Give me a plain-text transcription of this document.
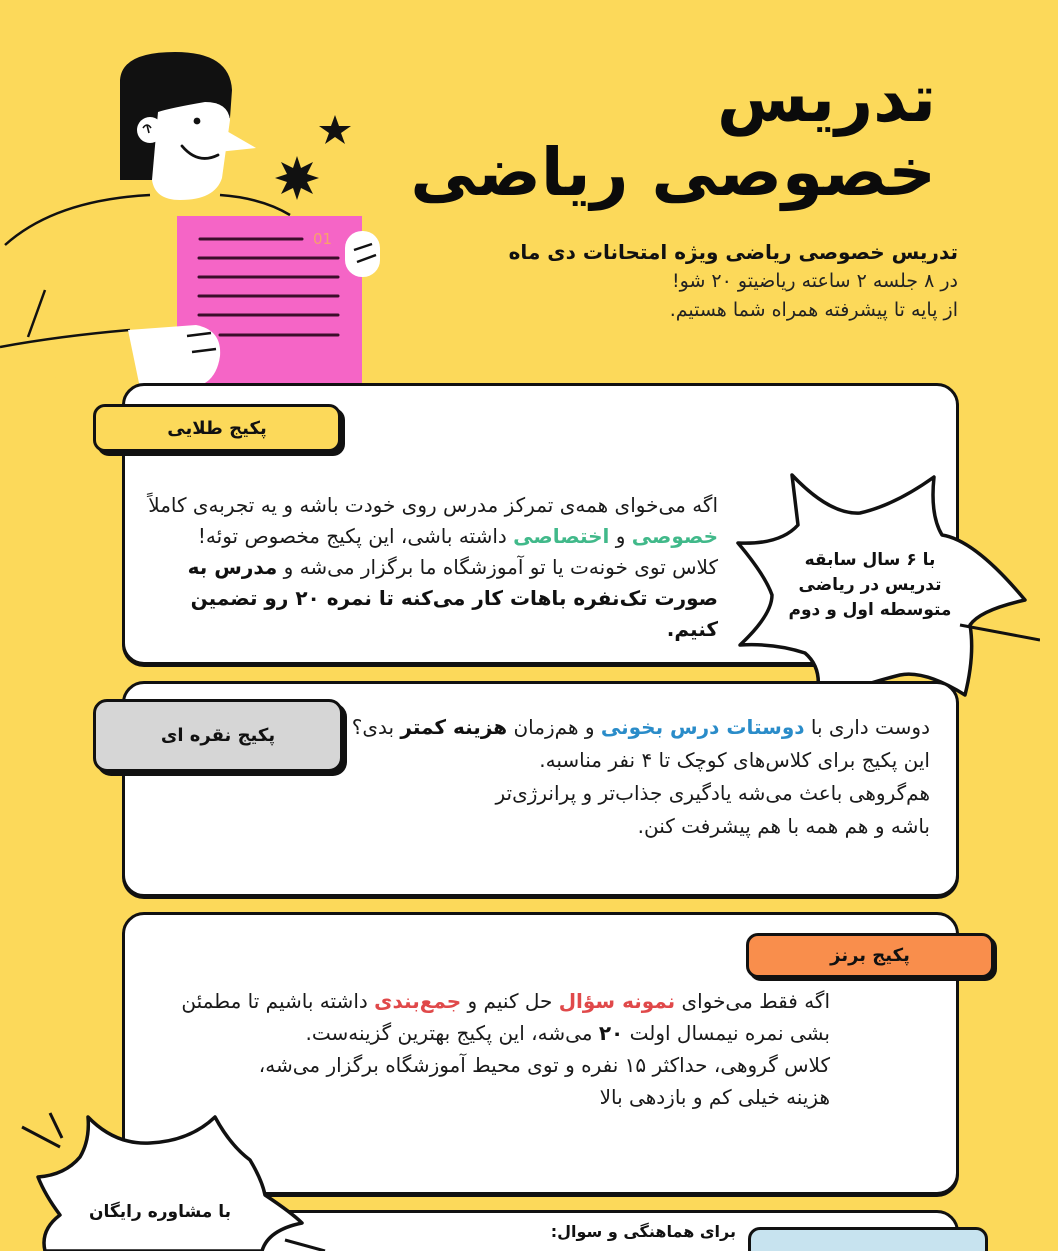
01
تدریس
خصوصی ریاضی
تدریس خصوصی ریاضی ویژه امتحانات دی ماه
در ۸ جلسه ۲ ساعته ریاضیتو ۲۰ شو!
از پایه تا پیشرفته همراه شما هستیم.
پکیج طلایی
اگه می‌خوای همه‌ی تمرکز مدرس روی خودت باشه و یه تجربه‌ی کاملاً خصوصی و اختصاصی داشته باشی، این پکیج مخصوص توئه! کلاس توی خونه‌ت یا تو آموزشگاه ما برگزار می‌شه و مدرس به صورت تک‌نفره باهات کار می‌کنه تا نمره ۲۰ رو تضمین کنیم.
با ۶ سال سابقه
تدریس در ریاضی
متوسطه اول و دوم
پکیج نقره ای	دوست داری با دوستات درس بخونی و هم‌زمان هزینه کمتر بدی؟
این پکیج برای کلاس‌های کوچک تا ۴ نفر مناسبه.
هم‌گروهی باعث می‌شه یادگیری جذاب‌تر و پرانرژی‌تر
باشه و هم همه با هم پیشرفت کنن.
پکیج برنز
اگه فقط می‌خوای نمونه سؤال حل کنیم و جمع‌بندی داشته باشیم تا مطمئن بشی نمره نیمسال اولت ۲۰ می‌شه، این پکیج بهترین گزینه‌ست.
کلاس گروهی، حداکثر ۱۵ نفره و توی محیط آموزشگاه برگزار می‌شه،
هزینه خیلی کم و بازدهی بالا
برای هماهنگی و سوال:
با مشاوره رایگان
